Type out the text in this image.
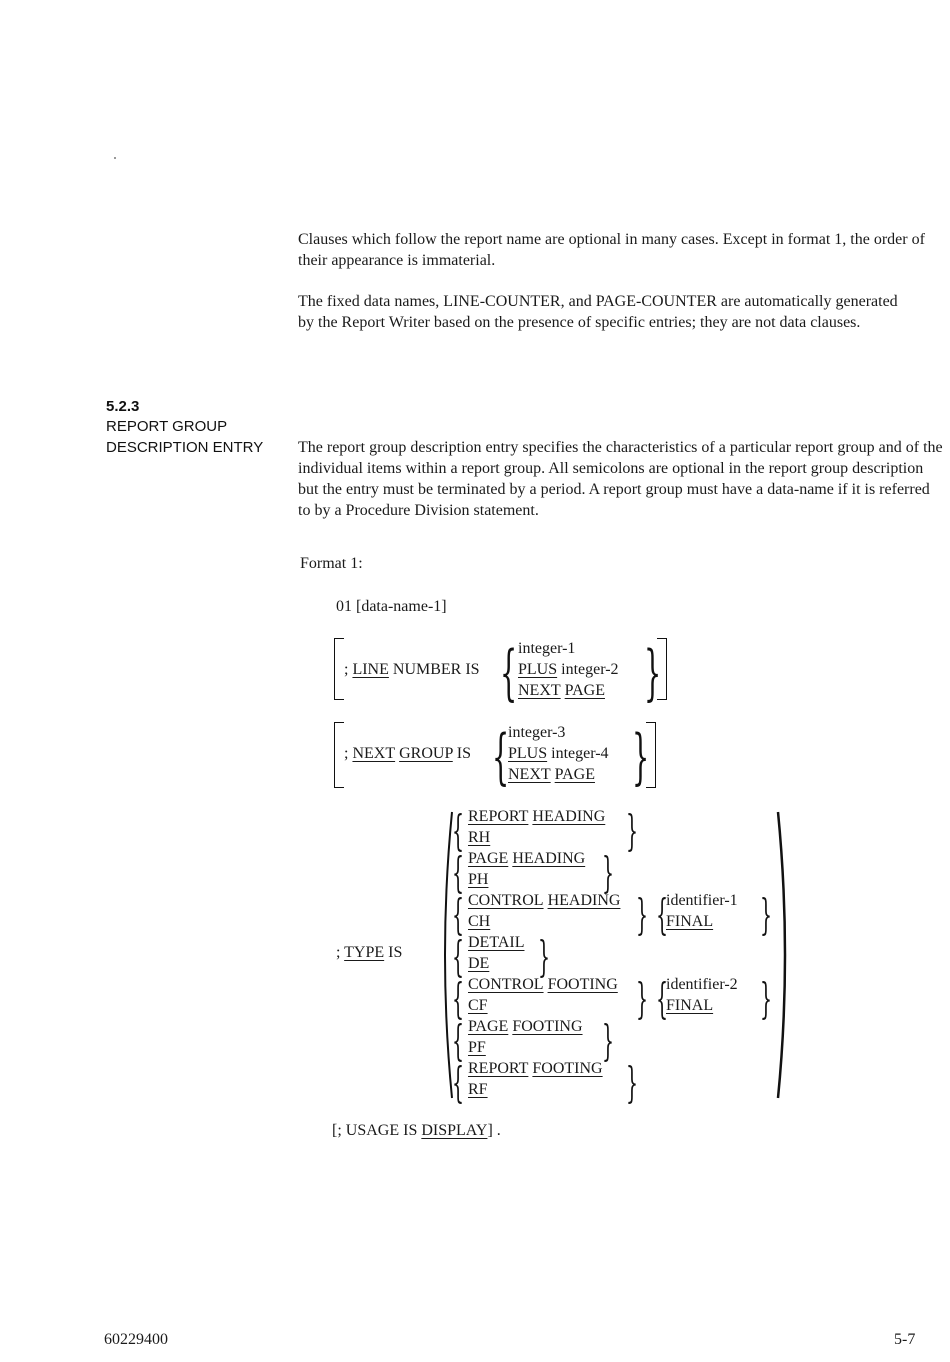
Clauses which follow the report name are optional in many cases. Except in format 1, the order of their appearance is immaterial.

The fixed data names, LINE-COUNTER, and PAGE-COUNTER are automatically generated by the Report Writer based on the presence of specific entries; they are not data clauses.

5.2.3
REPORT GROUP
DESCRIPTION ENTRY The report group description entry specifies the characteristics of a particular report group and of the individual items within a report group. All semicolons are optional in the report group description but the entry must be terminated by a period. A report group must have a data-name if it is referred to by a Procedure Division statement.

Format 1:
01 [data-name-1]
; LINE NUMBER IS { integer-1
PLUS integer-2
NEXT PAGE }
; NEXT GROUP IS {
integer-3
PLUS integer-4
NEXT PAGE }
; TYPE IS
{ REPORT HEADING
RH	}
{ PAGE HEADING
PH	}
{ CONTROL HEADING
CH	} {
identifier-1
FINAL }
{ DETAIL
DE }
{ CONTROL FOOTING
CF	} {
identifier-2
FINAL }
{ PAGE FOOTING
PF	}
{ REPORT FOOTING
RF	}
[; USAGE IS DISPLAY] .
60229400	5-7
